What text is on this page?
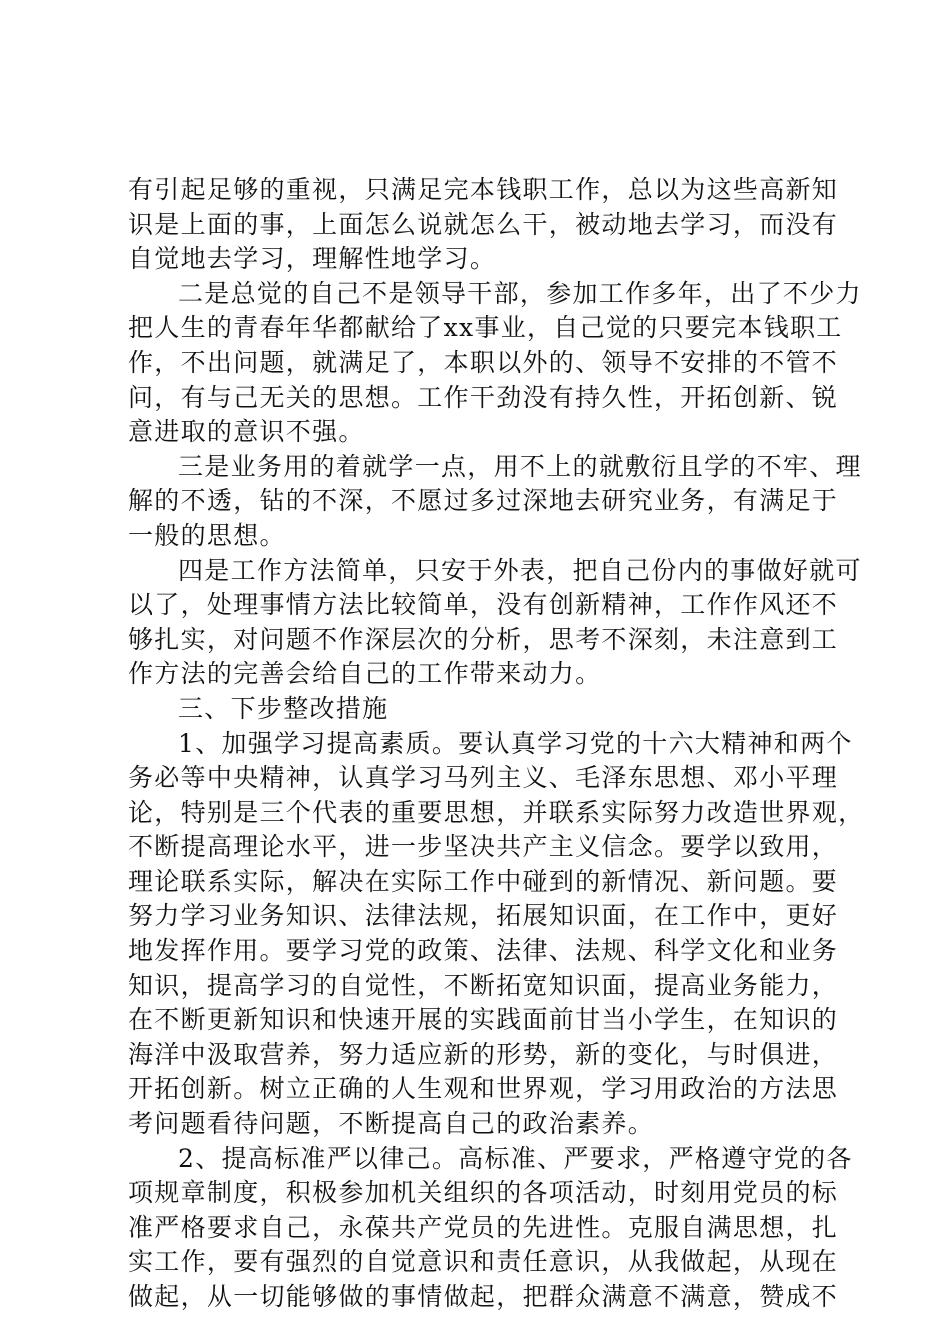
有引起足够的重视，只满足完本钱职工作，总以为这些高新知
识是上面的事，上面怎么说就怎么干，被动地去学习，而没有
自觉地去学习，理解性地学习。
二是总觉的自己不是领导干部，参加工作多年，出了不少力
把人生的青春年华都献给了xx事业，自己觉的只要完本钱职工
作，不出问题，就满足了，本职以外的、领导不安排的不管不
问，有与己无关的思想。工作干劲没有持久性，开拓创新、锐
意进取的意识不强。
三是业务用的着就学一点，用不上的就敷衍且学的不牢、理
解的不透，钻的不深，不愿过多过深地去研究业务，有满足于
一般的思想。
四是工作方法简单，只安于外表，把自己份内的事做好就可
以了，处理事情方法比较简单，没有创新精神，工作作风还不
够扎实，对问题不作深层次的分析，思考不深刻，未注意到工
作方法的完善会给自己的工作带来动力。
三、下步整改措施
1、加强学习提高素质。要认真学习党的十六大精神和两个
务必等中央精神，认真学习马列主义、毛泽东思想、邓小平理
论，特别是三个代表的重要思想，并联系实际努力改造世界观，
不断提高理论水平，进一步坚决共产主义信念。要学以致用，
理论联系实际，解决在实际工作中碰到的新情况、新问题。要
努力学习业务知识、法律法规，拓展知识面，在工作中，更好
地发挥作用。要学习党的政策、法律、法规、科学文化和业务
知识，提高学习的自觉性，不断拓宽知识面，提高业务能力，
在不断更新知识和快速开展的实践面前甘当小学生，在知识的
海洋中汲取营养，努力适应新的形势，新的变化，与时俱进，
开拓创新。树立正确的人生观和世界观，学习用政治的方法思
考问题看待问题，不断提高自己的政治素养。
2、提高标准严以律己。高标准、严要求，严格遵守党的各
项规章制度，积极参加机关组织的各项活动，时刻用党员的标
准严格要求自己，永葆共产党员的先进性。克服自满思想，扎
实工作，要有强烈的自觉意识和责任意识，从我做起，从现在
做起，从一切能够做的事情做起，把群众满意不满意，赞成不
